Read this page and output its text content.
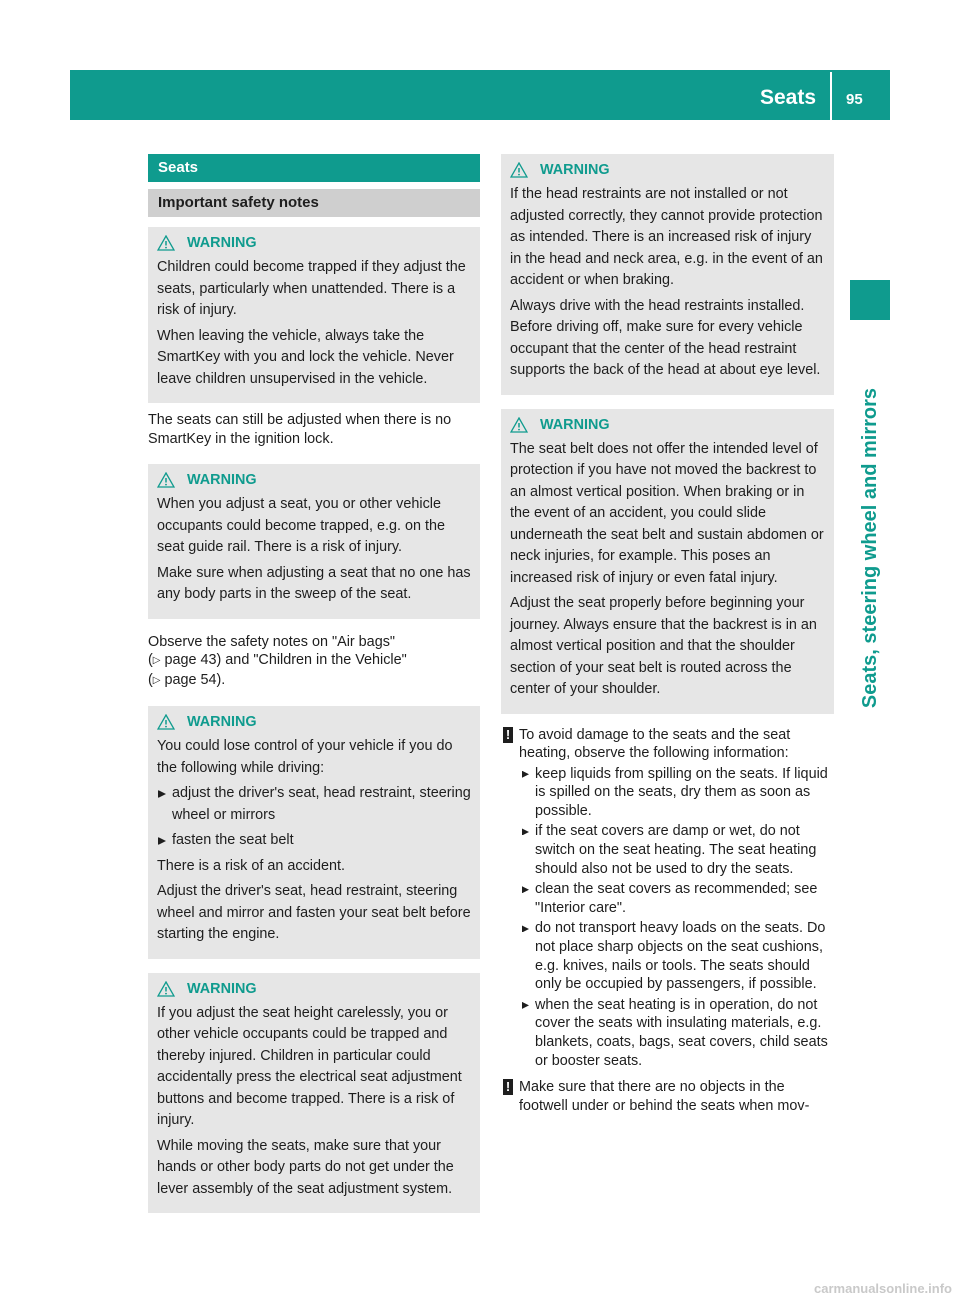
Seats 95
Seats, steering wheel and mirrors
Seats
Important safety notes
WARNING

Children could become trapped if they adjust the seats, particularly when unattended. There is a risk of injury.

When leaving the vehicle, always take the SmartKey with you and lock the vehicle. Never leave children unsupervised in the vehicle.

The seats can still be adjusted when there is no SmartKey in the ignition lock.

WARNING

When you adjust a seat, you or other vehicle occupants could become trapped, e.g. on the seat guide rail. There is a risk of injury.

Make sure when adjusting a seat that no one has any body parts in the sweep of the seat.

Observe the safety notes on "Air bags"
(▷ page 43) and "Children in the Vehicle"
(▷ page 54).

WARNING

You could lose control of your vehicle if you do the following while driving:

adjust the driver's seat, head restraint, steering wheel or mirrors

fasten the seat belt

There is a risk of an accident.

Adjust the driver's seat, head restraint, steering wheel and mirror and fasten your seat belt before starting the engine.

WARNING

If you adjust the seat height carelessly, you or other vehicle occupants could be trapped and thereby injured. Children in particular could accidentally press the electrical seat adjustment buttons and become trapped. There is a risk of injury.

While moving the seats, make sure that your hands or other body parts do not get under the lever assembly of the seat adjustment system.

WARNING

If the head restraints are not installed or not adjusted correctly, they cannot provide protection as intended. There is an increased risk of injury in the head and neck area, e.g. in the event of an accident or when braking.

Always drive with the head restraints installed. Before driving off, make sure for every vehicle occupant that the center of the head restraint supports the back of the head at about eye level.

WARNING

The seat belt does not offer the intended level of protection if you have not moved the backrest to an almost vertical position. When braking or in the event of an accident, you could slide underneath the seat belt and sustain abdomen or neck injuries, for example. This poses an increased risk of injury or even fatal injury.

Adjust the seat properly before beginning your journey. Always ensure that the backrest is in an almost vertical position and that the shoulder section of your seat belt is routed across the center of your shoulder.

! To avoid damage to the seats and the seat heating, observe the following information:

keep liquids from spilling on the seats. If liquid is spilled on the seats, dry them as soon as possible.

if the seat covers are damp or wet, do not switch on the seat heating. The seat heating should also not be used to dry the seats.

clean the seat covers as recommended; see "Interior care".

do not transport heavy loads on the seats. Do not place sharp objects on the seat cushions, e.g. knives, nails or tools. The seats should only be occupied by passengers, if possible.

when the seat heating is in operation, do not cover the seats with insulating materials, e.g. blankets, coats, bags, seat covers, child seats or booster seats.

! Make sure that there are no objects in the footwell under or behind the seats when mov-
carmanualsonline.info
